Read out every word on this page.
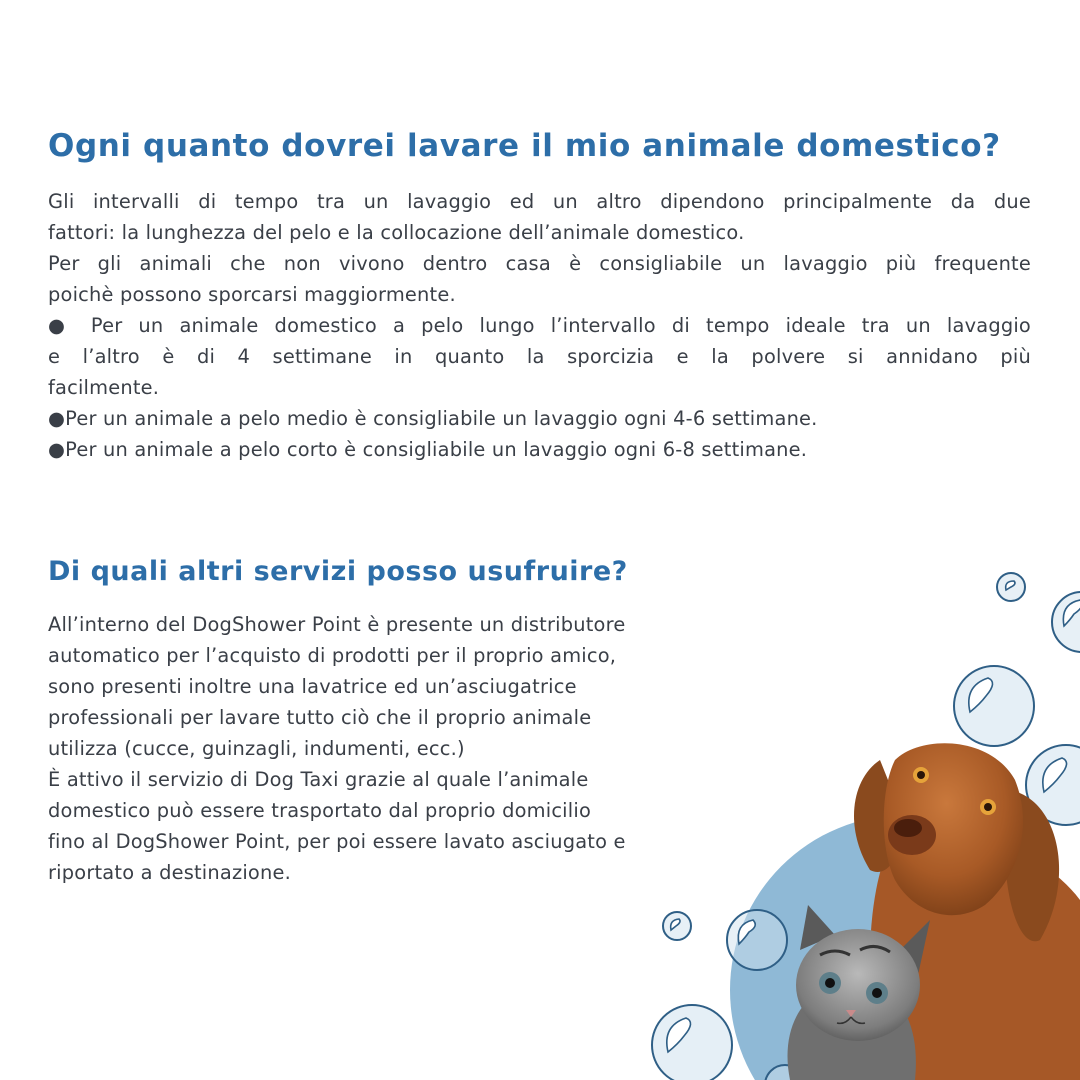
Ogni quanto dovrei lavare il mio animale domestico?
Gli intervalli di tempo tra un lavaggio ed un altro dipendono principalmente da due
fattori: la lunghezza del pelo e la collocazione dell’animale domestico.
Per gli animali che non vivono dentro casa è consigliabile un lavaggio più frequente
poichè possono sporcarsi maggiormente.
● Per un animale domestico a pelo lungo l’intervallo di tempo ideale tra un lavaggio
e l’altro è di 4 settimane in quanto la sporcizia e la polvere si annidano più
facilmente.
●Per un animale a pelo medio è consigliabile un lavaggio ogni 4-6 settimane.
●Per un animale a pelo corto è consigliabile un lavaggio ogni 6-8 settimane.
Di quali altri servizi posso usufruire?
All’interno del DogShower Point è presente un distributore
automatico per l’acquisto di prodotti per il proprio amico,
sono presenti inoltre una lavatrice ed un’asciugatrice
professionali per lavare tutto ciò che il proprio animale
utilizza (cucce, guinzagli, indumenti, ecc.)
È attivo il servizio di Dog Taxi grazie al quale l’animale
domestico può essere trasportato dal proprio domicilio
fino al DogShower Point, per poi essere lavato asciugato e
riportato a destinazione.
